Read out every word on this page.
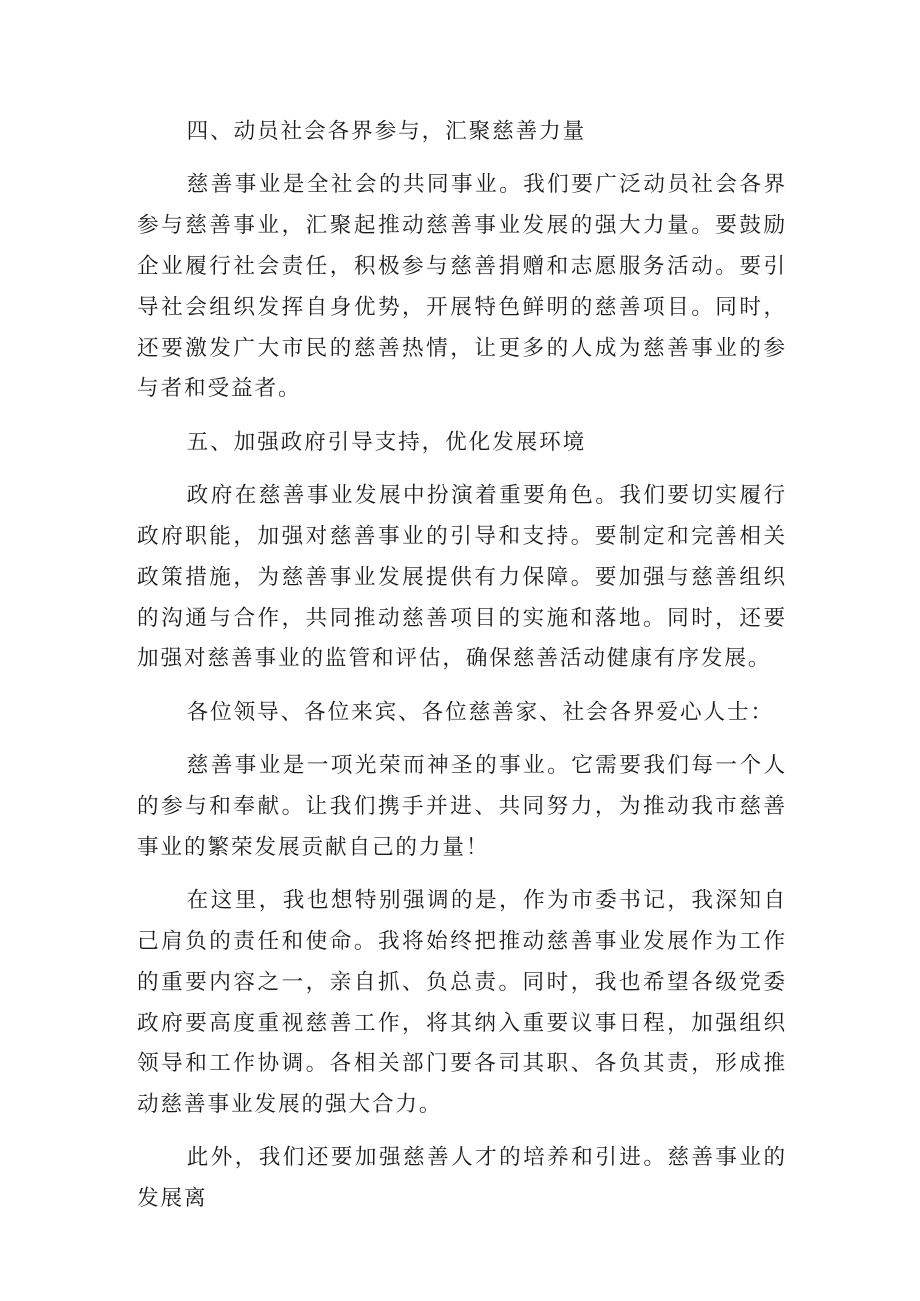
四、动员社会各界参与，汇聚慈善力量

慈善事业是全社会的共同事业。我们要广泛动员社会各界参与慈善事业，汇聚起推动慈善事业发展的强大力量。要鼓励企业履行社会责任，积极参与慈善捐赠和志愿服务活动。要引导社会组织发挥自身优势，开展特色鲜明的慈善项目。同时，还要激发广大市民的慈善热情，让更多的人成为慈善事业的参与者和受益者。

五、加强政府引导支持，优化发展环境

政府在慈善事业发展中扮演着重要角色。我们要切实履行政府职能，加强对慈善事业的引导和支持。要制定和完善相关政策措施，为慈善事业发展提供有力保障。要加强与慈善组织的沟通与合作，共同推动慈善项目的实施和落地。同时，还要加强对慈善事业的监管和评估，确保慈善活动健康有序发展。

各位领导、各位来宾、各位慈善家、社会各界爱心人士：

慈善事业是一项光荣而神圣的事业。它需要我们每一个人的参与和奉献。让我们携手并进、共同努力，为推动我市慈善事业的繁荣发展贡献自己的力量！

在这里，我也想特别强调的是，作为市委书记，我深知自己肩负的责任和使命。我将始终把推动慈善事业发展作为工作的重要内容之一，亲自抓、负总责。同时，我也希望各级党委政府要高度重视慈善工作，将其纳入重要议事日程，加强组织领导和工作协调。各相关部门要各司其职、各负其责，形成推动慈善事业发展的强大合力。

此外，我们还要加强慈善人才的培养和引进。慈善事业的发展离
